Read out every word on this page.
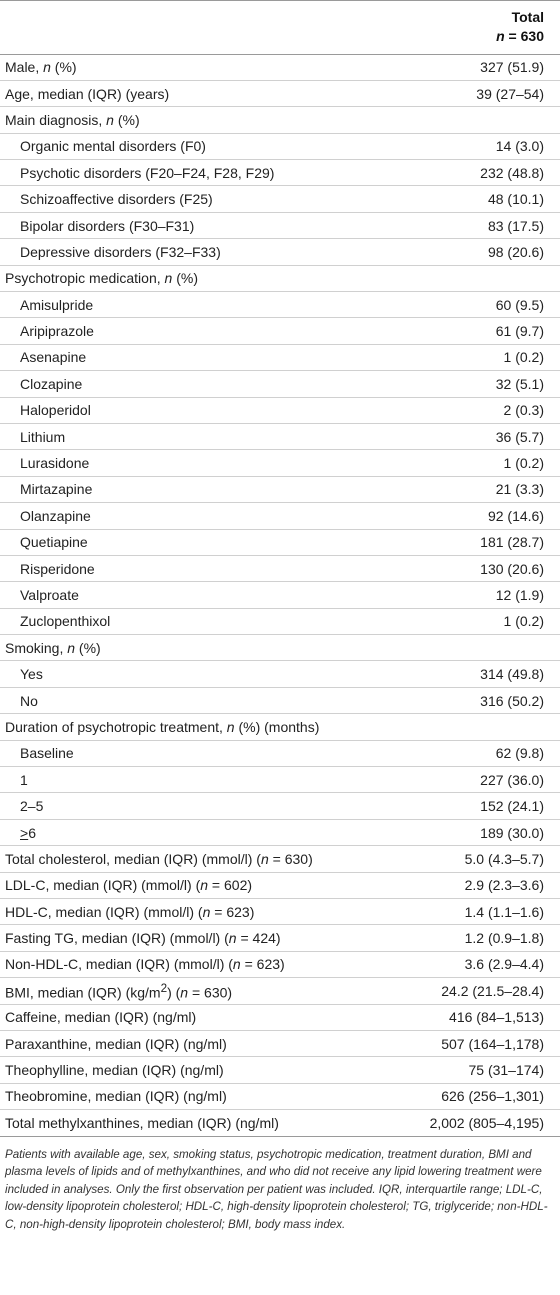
	Total
n = 630

Male, n (%)	327 (51.9)
Age, median (IQR) (years)	39 (27–54)
Main diagnosis, n (%)	
Organic mental disorders (F0)	14 (3.0)
Psychotic disorders (F20–F24, F28, F29)	232 (48.8)
Schizoaffective disorders (F25)	48 (10.1)
Bipolar disorders (F30–F31)	83 (17.5)
Depressive disorders (F32–F33)	98 (20.6)
Psychotropic medication, n (%)	
Amisulpride	60 (9.5)
Aripiprazole	61 (9.7)
Asenapine	1 (0.2)
Clozapine	32 (5.1)
Haloperidol	2 (0.3)
Lithium	36 (5.7)
Lurasidone	1 (0.2)
Mirtazapine	21 (3.3)
Olanzapine	92 (14.6)
Quetiapine	181 (28.7)
Risperidone	130 (20.6)
Valproate	12 (1.9)
Zuclopenthixol	1 (0.2)
Smoking, n (%)	
Yes	314 (49.8)
No	316 (50.2)
Duration of psychotropic treatment, n (%) (months)	
Baseline	62 (9.8)
1	227 (36.0)
2–5	152 (24.1)
>6	189 (30.0)
Total cholesterol, median (IQR) (mmol/l) (n = 630)	5.0 (4.3–5.7)
LDL-C, median (IQR) (mmol/l) (n = 602)	2.9 (2.3–3.6)
HDL-C, median (IQR) (mmol/l) (n = 623)	1.4 (1.1–1.6)
Fasting TG, median (IQR) (mmol/l) (n = 424)	1.2 (0.9–1.8)
Non-HDL-C, median (IQR) (mmol/l) (n = 623)	3.6 (2.9–4.4)
BMI, median (IQR) $(kg/m^2) (n = 630)$	24.2 (21.5–28.4)
Caffeine, median (IQR) (ng/ml)	416 (84–1,513)
Paraxanthine, median (IQR) (ng/ml)	507 (164–1,178)
Theophylline, median (IQR) (ng/ml)	75 (31–174)
Theobromine, median (IQR) (ng/ml)	626 (256–1,301)
Total methylxanthines, median (IQR) (ng/ml)	2,002 (805–4,195)

Patients with available age, sex, smoking status, psychotropic medication, treatment duration, BMI and plasma levels of lipids and of methylxanthines, and who did not receive any lipid lowering treatment were included in analyses. Only the first observation per patient was included. IQR, interquartile range; LDL-C, low-density lipoprotein cholesterol; HDL-C, high-density lipoprotein cholesterol; TG, triglyceride; non-HDL-C, non-high-density lipoprotein cholesterol; BMI, body mass index.
